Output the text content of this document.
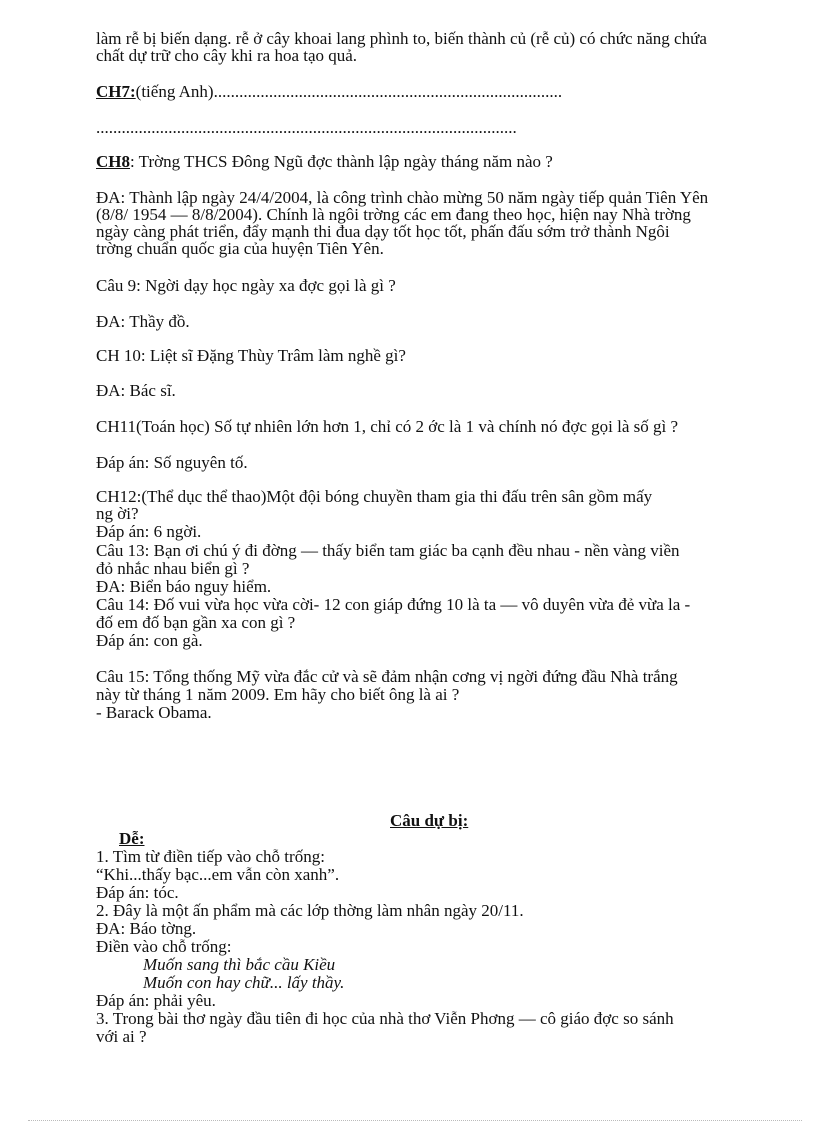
làm rễ bị biến dạng. rễ ở cây khoai lang phình to, biến thành củ (rễ củ) có chức năng chứa
chất dự trữ cho cây khi ra hoa tạo quả.
CH7:(tiếng Anh)..................................................................................
...................................................................................................
CH8: Trờng THCS Đông Ngũ đợc thành lập ngày tháng năm nào ?
ĐA: Thành lập ngày 24/4/2004, là công trình chào mừng 50 năm ngày tiếp quản Tiên Yên
(8/8/ 1954 — 8/8/2004). Chính là ngôi trờng các em đang theo học, hiện nay Nhà trờng
ngày càng phát triển, đẩy mạnh thi đua dạy tốt học tốt, phấn đấu sớm trở thành Ngôi
trờng chuẩn quốc gia của huyện Tiên Yên.
Câu 9: Ngời dạy học ngày xa đợc gọi là gì ?
ĐA: Thầy đồ.
CH 10: Liệt sĩ Đặng Thùy Trâm làm nghề gì?
ĐA: Bác sĩ.
CH11(Toán học) Số tự nhiên lớn hơn 1, chỉ có 2 ớc là 1 và chính nó đợc gọi là số gì ?
Đáp án: Số nguyên tố.
CH12:(Thể dục thể thao)Một đội bóng chuyền tham gia thi đấu trên sân gồm mấy
ng ời?
Đáp án: 6 ngời.
Câu 13: Bạn ơi chú ý đi đờng — thấy biển tam giác ba cạnh đều nhau - nền vàng viền
đỏ nhắc nhau biển gì ?
ĐA: Biển báo nguy hiểm.
Câu 14: Đố vui vừa học vừa cời- 12 con giáp đứng 10 là ta — vô duyên vừa đẻ vừa la -
đố em đố bạn gần xa con gì ?
Đáp án: con gà.
Câu 15: Tổng thống Mỹ vừa đắc cử và sẽ đảm nhận cơng vị ngời đứng đầu Nhà trắng
này từ tháng 1 năm 2009. Em hãy cho biết ông là ai ?
- Barack Obama.
Câu dự bị:
Dễ:
1. Tìm từ điền tiếp vào chỗ trống:
“Khi...thấy bạc...em vẫn còn xanh”.
Đáp án: tóc.
2. Đây là một ấn phẩm mà các lớp thờng làm nhân ngày 20/11.
ĐA: Báo tờng.
Điền vào chỗ trống:
Muốn sang thì bắc cầu Kiều
Muốn con hay chữ... lấy thầy.
Đáp án: phải yêu.
3. Trong bài thơ ngày đầu tiên đi học của nhà thơ Viễn Phơng — cô giáo đợc so sánh
với ai ?
